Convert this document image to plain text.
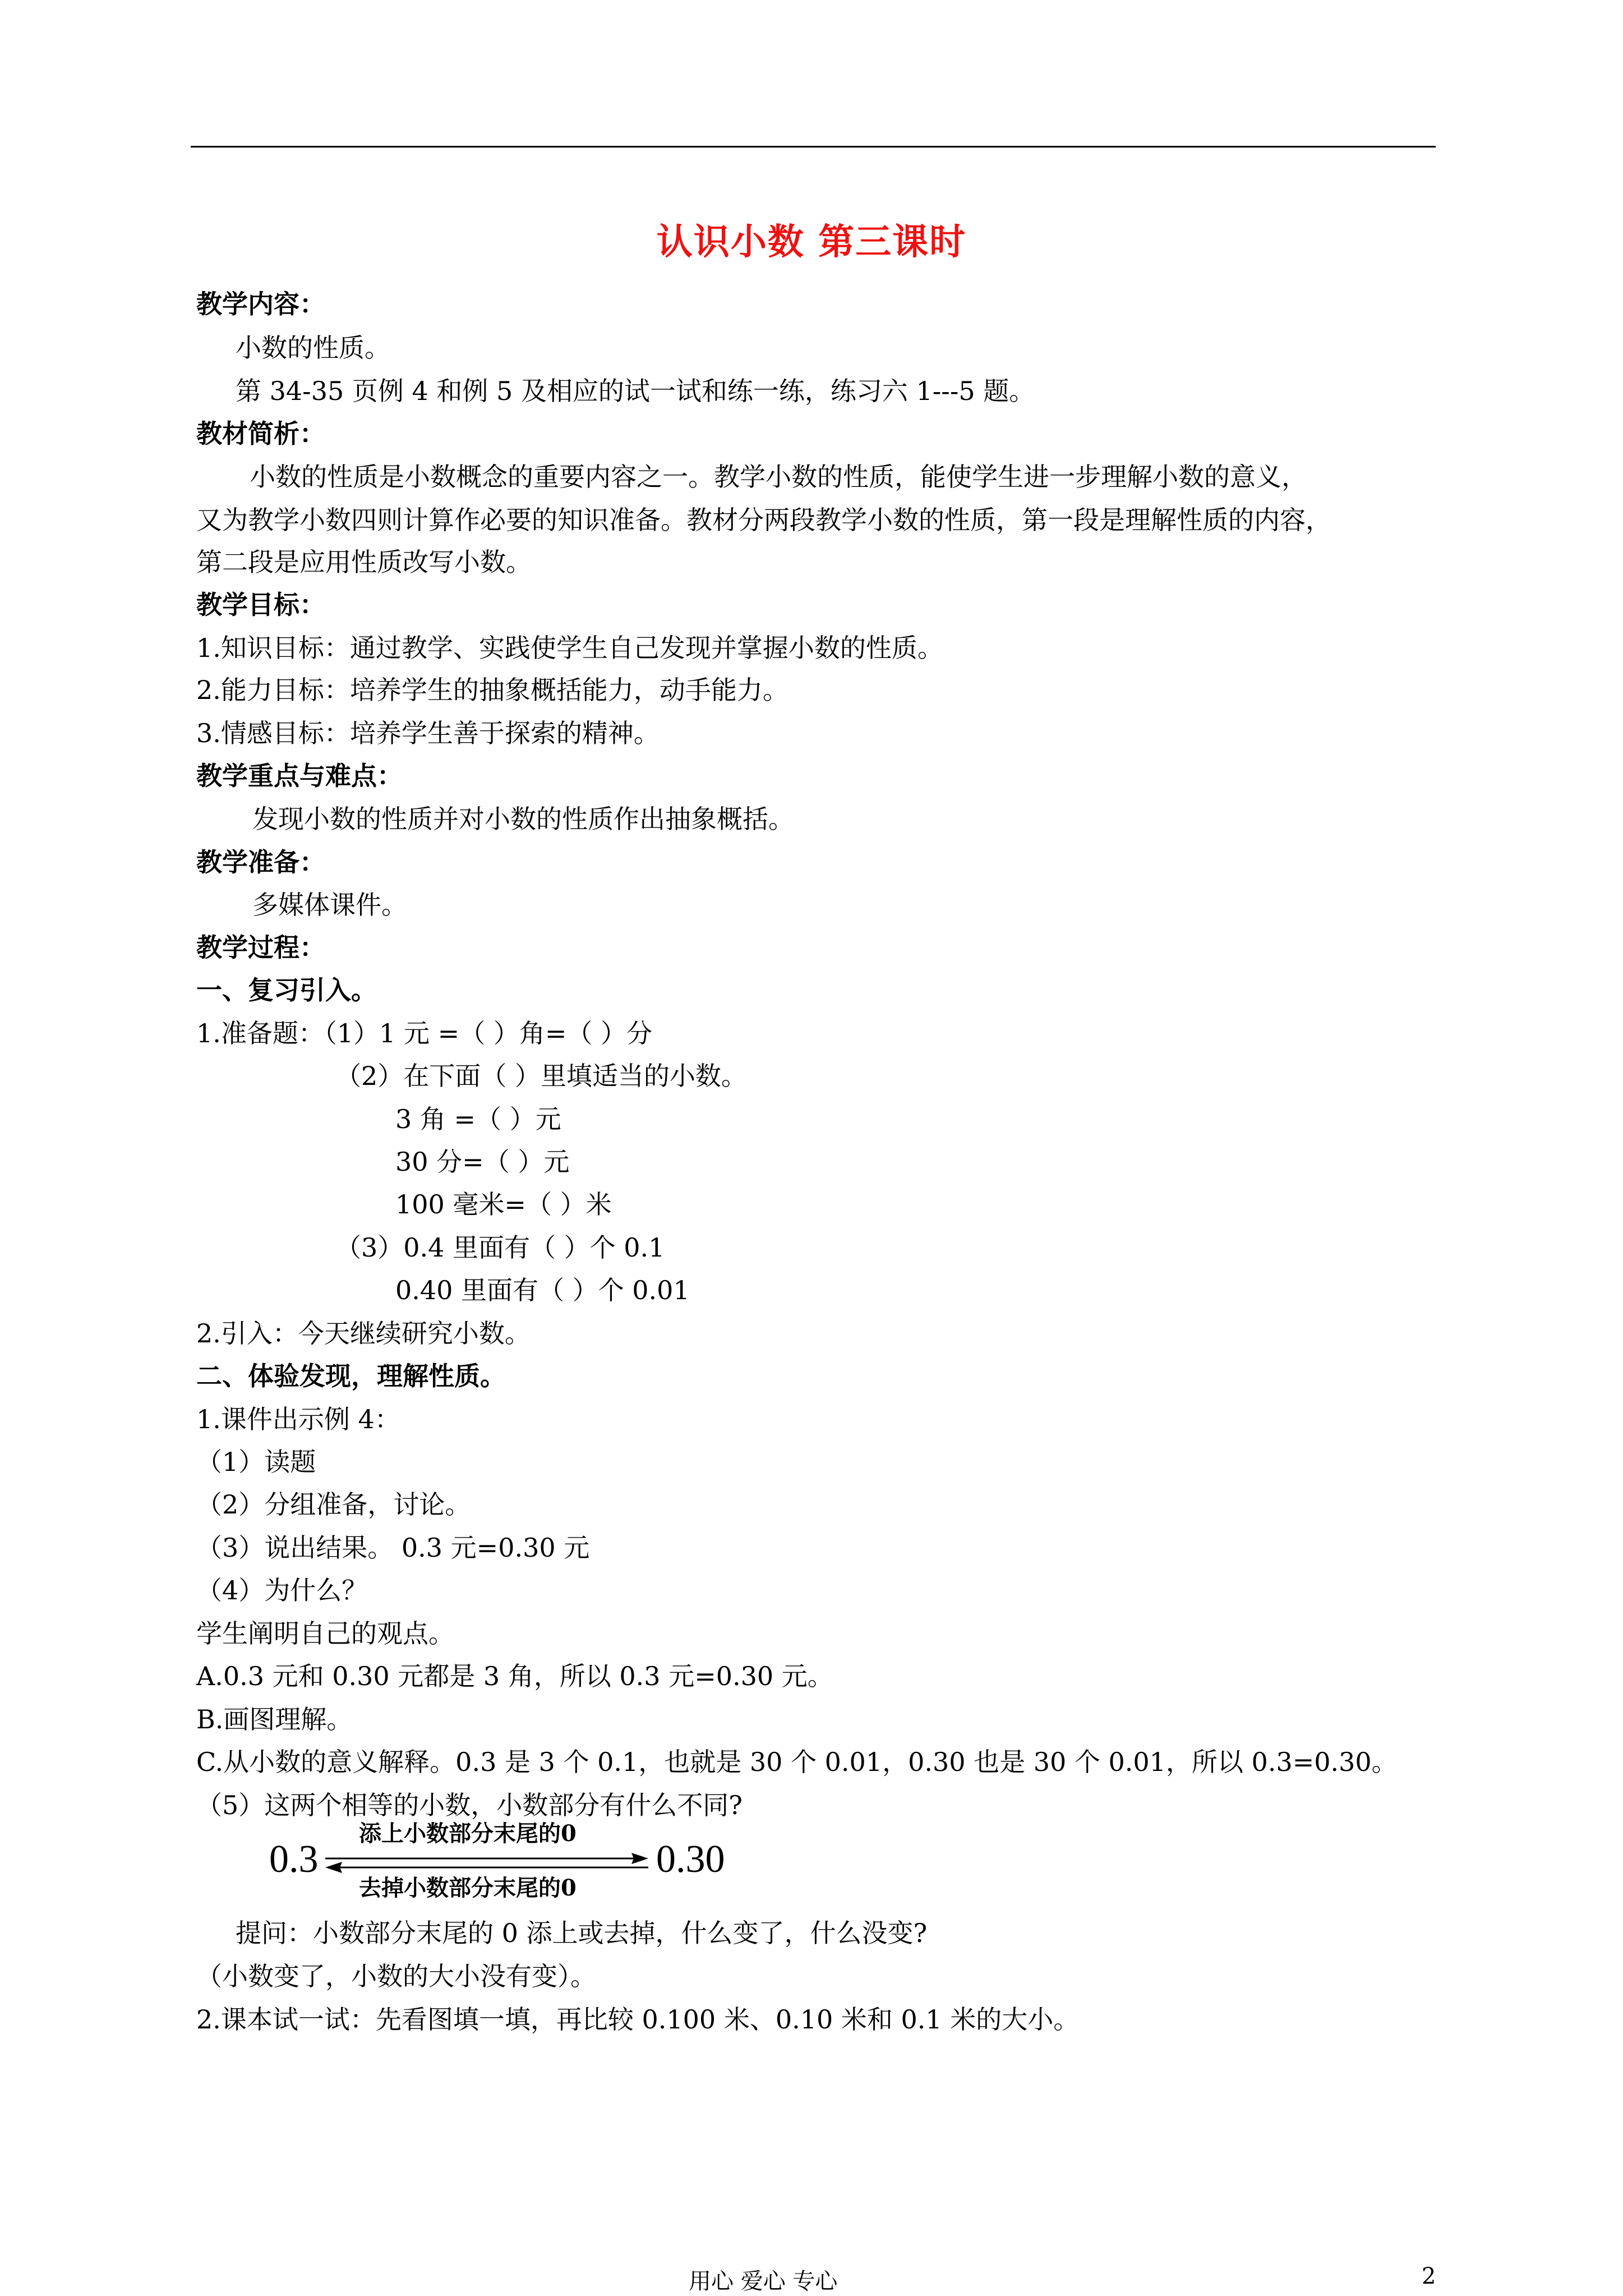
认识小数 第三课时
教学内容：
小数的性质。
第 34-35 页例 4 和例 5 及相应的试一试和练一练，练习六 1---5 题。
教材简析：
小数的性质是小数概念的重要内容之一。教学小数的性质，能使学生进一步理解小数的意义，
又为教学小数四则计算作必要的知识准备。教材分两段教学小数的性质，第一段是理解性质的内容，
第二段是应用性质改写小数。
教学目标：
1.知识目标：通过教学、实践使学生自己发现并掌握小数的性质。
2.能力目标：培养学生的抽象概括能力，动手能力。
3.情感目标：培养学生善于探索的精神。
教学重点与难点：
发现小数的性质并对小数的性质作出抽象概括。
教学准备：
多媒体课件。
教学过程：
一、复习引入。
1.准备题：（1）1 元 =（ ）角=（ ）分
（2）在下面（ ）里填适当的小数。
3 角 =（ ）元
30 分=（ ）元
100 毫米=（ ）米
（3）0.4 里面有（ ）个 0.1
0.40 里面有（ ）个 0.01
2.引入：今天继续研究小数。
二、体验发现，理解性质。
1.课件出示例 4：
（1）读题
（2）分组准备，讨论。
（3）说出结果。 0.3 元=0.30 元
（4）为什么？
学生阐明自己的观点。
A.0.3 元和 0.30 元都是 3 角，所以 0.3 元=0.30 元。
B.画图理解。
C.从小数的意义解释。0.3 是 3 个 0.1，也就是 30 个 0.01，0.30 也是 30 个 0.01，所以 0.3=0.30。
（5）这两个相等的小数，小数部分有什么不同?
0.3
添上小数部分末尾的0
去掉小数部分末尾的0
0.30
提问：小数部分末尾的 0 添上或去掉，什么变了，什么没变?
（小数变了，小数的大小没有变）。
2.课本试一试：先看图填一填，再比较 0.100 米、0.10 米和 0.1 米的大小。
用心 爱心 专心	2
